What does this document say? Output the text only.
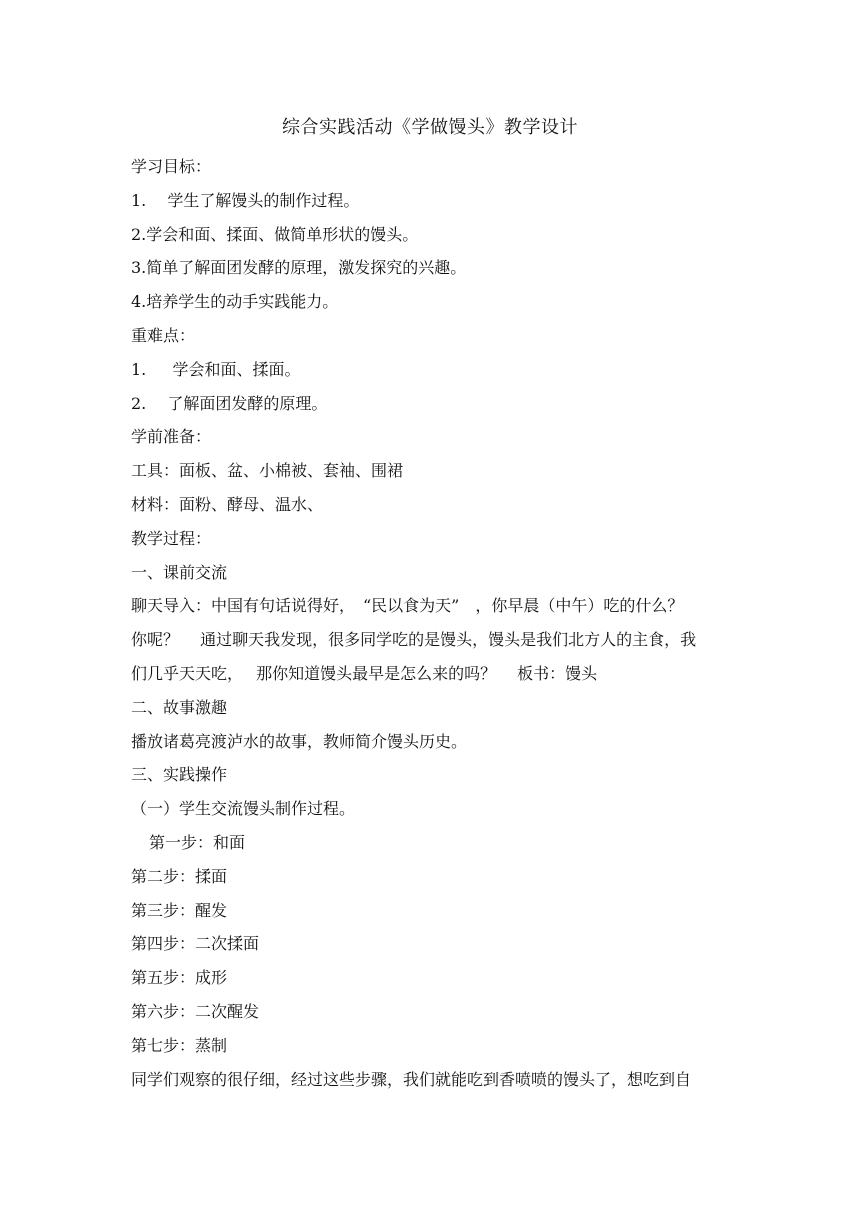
综合实践活动《学做馒头》教学设计
学习目标：
1.　 学生了解馒头的制作过程。
2.学会和面、揉面、做简单形状的馒头。
3.简单了解面团发酵的原理，激发探究的兴趣。
4.培养学生的动手实践能力。
重难点：
1.　  学会和面、揉面。
2.　 了解面团发酵的原理。
学前准备：
工具：面板、盆、小棉被、套袖、围裙
材料：面粉、酵母、温水、
教学过程：
一、课前交流
聊天导入：中国有句话说得好，　“民以食为天”　，你早晨（中午）吃的什么？
你呢？　 通过聊天我发现，很多同学吃的是馒头，馒头是我们北方人的主食，我
们几乎天天吃，　 那你知道馒头最早是怎么来的吗？　 板书：馒头
二、故事激趣
播放诸葛亮渡泸水的故事，教师简介馒头历史。
三、实践操作
（一）学生交流馒头制作过程。
第一步：和面
第二步：揉面
第三步：醒发
第四步：二次揉面
第五步：成形
第六步：二次醒发
第七步：蒸制
同学们观察的很仔细，经过这些步骤，我们就能吃到香喷喷的馒头了，想吃到自
